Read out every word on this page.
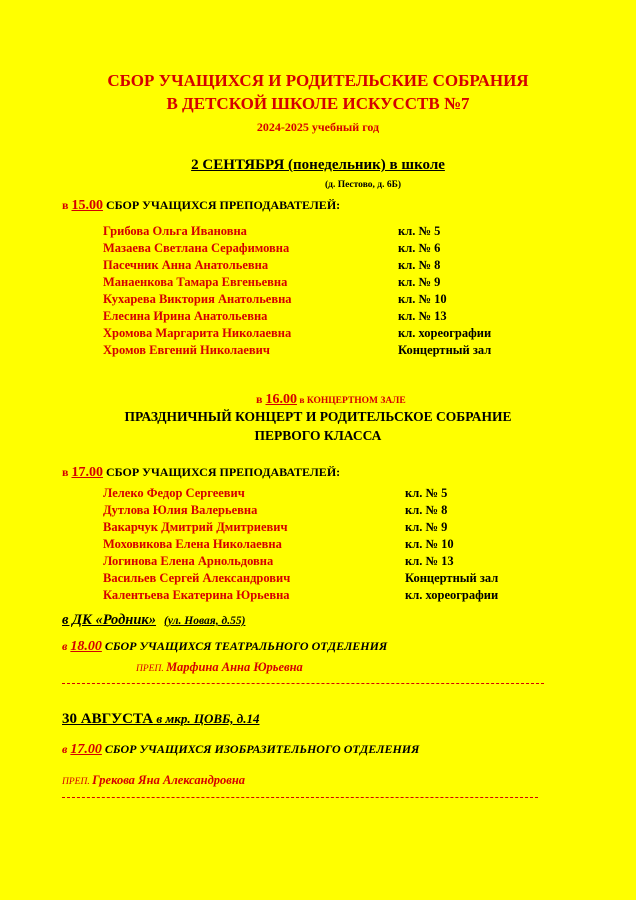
СБОР УЧАЩИХСЯ И РОДИТЕЛЬСКИЕ СОБРАНИЯ
В ДЕТСКОЙ ШКОЛЕ ИСКУССТВ №7
2024-2025 учебный год
2 СЕНТЯБРЯ (понедельник) в школе
(д. Пестово, д. 6Б)
в 15.00 СБОР УЧАЩИХСЯ ПРЕПОДАВАТЕЛЕЙ:
Грибова Ольга Ивановна	кл. № 5
Мазаева Светлана Серафимовна	кл. № 6
Пасечник Анна Анатольевна	кл. № 8
Манаенкова Тамара Евгеньевна	кл. № 9
Кухарева Виктория Анатольевна	кл. № 10
Елесина Ирина Анатольевна	кл. № 13
Хромова Маргарита Николаевна	кл. хореографии
Хромов Евгений Николаевич	Концертный зал
в 16.00 в КОНЦЕРТНОМ ЗАЛЕ
ПРАЗДНИЧНЫЙ КОНЦЕРТ И РОДИТЕЛЬСКОЕ СОБРАНИЕ
ПЕРВОГО КЛАССА
в 17.00 СБОР УЧАЩИХСЯ ПРЕПОДАВАТЕЛЕЙ:
Лелеко Федор Сергеевич	кл. № 5
Дутлова Юлия Валерьевна	кл. № 8
Вакарчук Дмитрий Дмитриевич	кл. № 9
Моховикова Елена Николаевна	кл. № 10
Логинова Елена Арнольдовна	кл. № 13
Васильев Сергей Александрович	Концертный зал
Калентьева Екатерина Юрьевна	кл. хореографии
в ДК «Родник» (ул. Новая, д.55)
в 18.00 СБОР УЧАЩИХСЯ ТЕАТРАЛЬНОГО ОТДЕЛЕНИЯ
ПРЕП. Марфина Анна Юрьевна
30 АВГУСТА в мкр. ЦОВБ, д.14
в 17.00 СБОР УЧАЩИХСЯ ИЗОБРАЗИТЕЛЬНОГО ОТДЕЛЕНИЯ
ПРЕП. Грекова Яна Александровна
